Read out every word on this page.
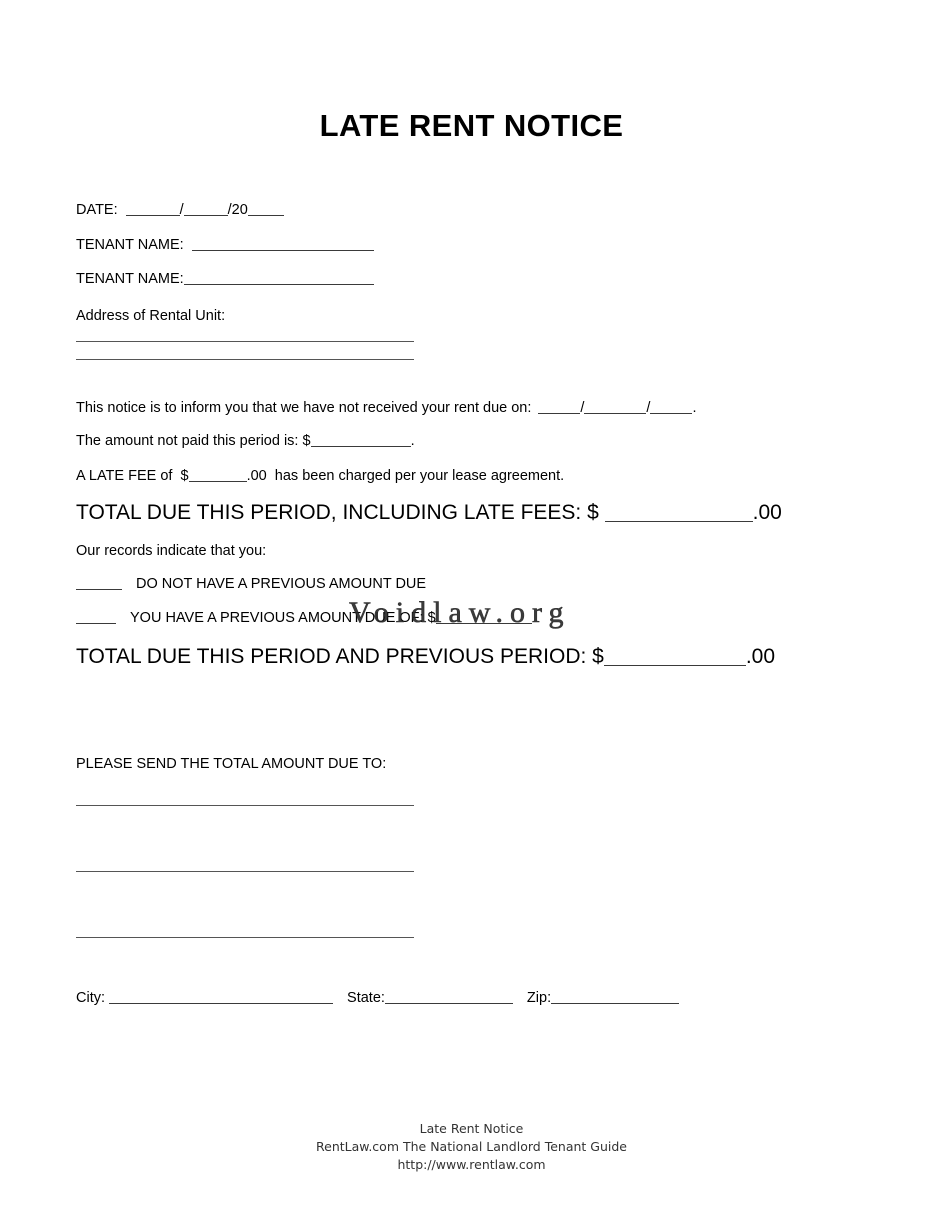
LATE RENT NOTICE
DATE:	/	/20
TENANT NAME:
TENANT NAME:
Address of Rental Unit:
This notice is to inform you that we have not received your rent due on:	/	/	.
The amount not paid this period is: $	.
A LATE FEE of  $	.00  has been charged per your lease agreement.
TOTAL DUE THIS PERIOD, INCLUDING LATE FEES: $	.00
Our records indicate that you:
DO NOT HAVE A PREVIOUS AMOUNT DUE
YOU HAVE A PREVIOUS AMOUNT DUE OF: $
Voidlaw.org
TOTAL DUE THIS PERIOD AND PREVIOUS PERIOD: $	.00
PLEASE SEND THE TOTAL AMOUNT DUE TO:
City:	State:	Zip:
Late Rent Notice
RentLaw.com The National Landlord Tenant Guide
http://www.rentlaw.com
